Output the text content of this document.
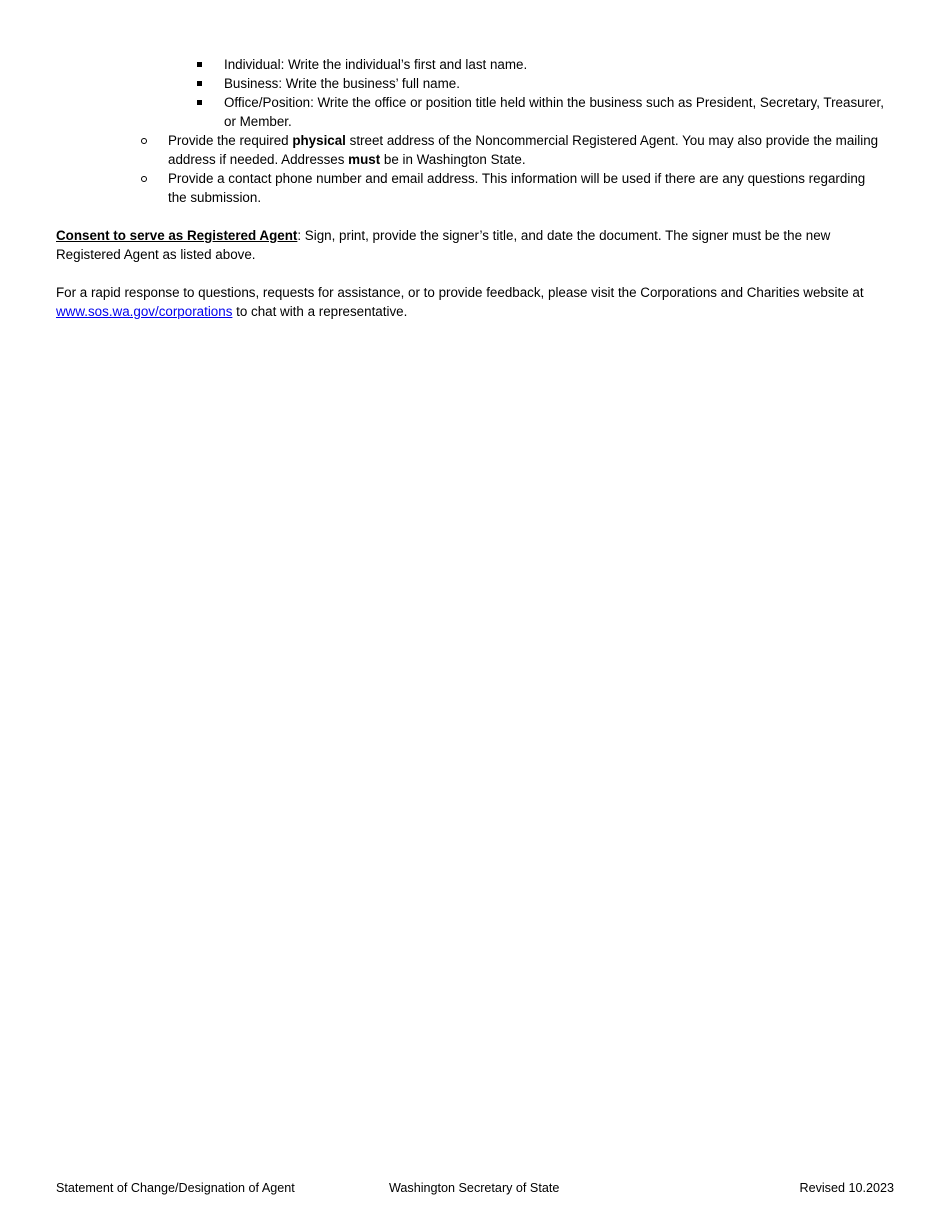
Individual: Write the individual’s first and last name.
Business: Write the business’ full name.
Office/Position: Write the office or position title held within the business such as President, Secretary, Treasurer, or Member.
Provide the required physical street address of the Noncommercial Registered Agent. You may also provide the mailing address if needed. Addresses must be in Washington State.
Provide a contact phone number and email address. This information will be used if there are any questions regarding the submission.

Consent to serve as Registered Agent: Sign, print, provide the signer’s title, and date the document. The signer must be the new Registered Agent as listed above.

For a rapid response to questions, requests for assistance, or to provide feedback, please visit the Corporations and Charities website at www.sos.wa.gov/corporations to chat with a representative.

Statement of Change/Designation of Agent	Washington Secretary of State	Revised 10.2023
